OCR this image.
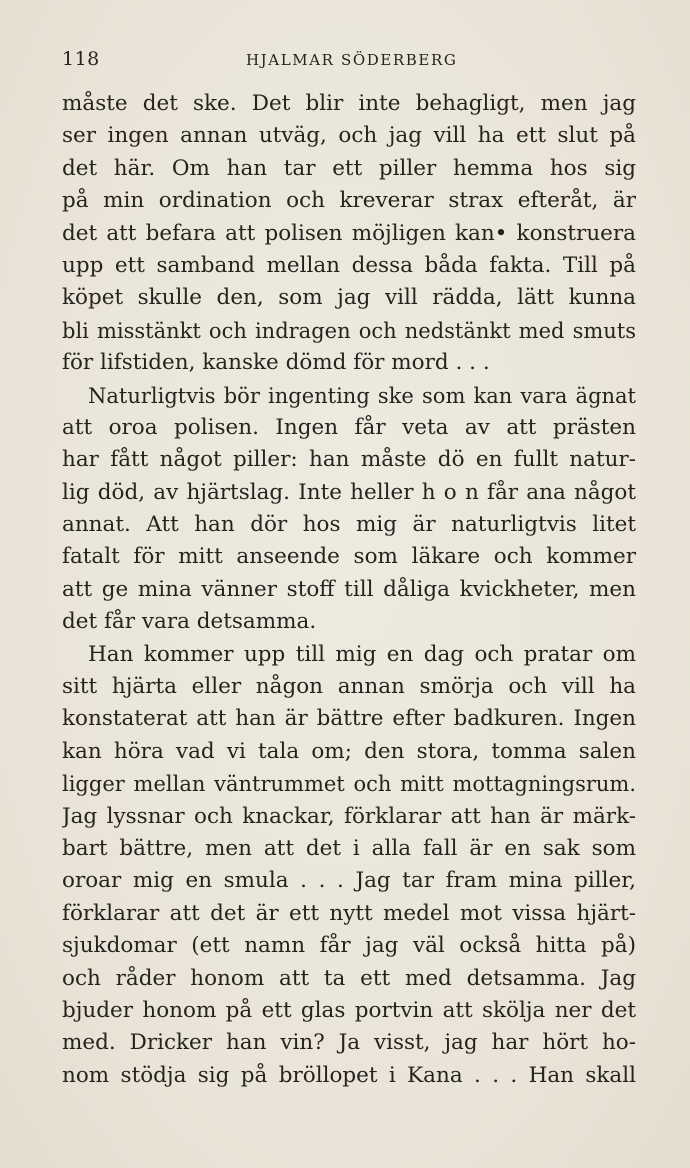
118	HJALMAR SÖDERBERG
måste det ske. Det blir inte behagligt, men jag
ser ingen annan utväg, och jag vill ha ett slut på
det här. Om han tar ett piller hemma hos sig
på min ordination och kreverar strax efteråt, är
det att befara att polisen möjligen kan• konstruera
upp ett samband mellan dessa båda fakta. Till på
köpet skulle den, som jag vill rädda, lätt kunna
bli misstänkt och indragen och nedstänkt med smuts
för lifstiden, kanske dömd för mord . . .
Naturligtvis bör ingenting ske som kan vara ägnat
att oroa polisen. Ingen får veta av att prästen
har fått något piller: han måste dö en fullt natur-
lig död, av hjärtslag. Inte heller h o n får ana något
annat. Att han dör hos mig är naturligtvis litet
fatalt för mitt anseende som läkare och kommer
att ge mina vänner stoff till dåliga kvickheter, men
det får vara detsamma.
Han kommer upp till mig en dag och pratar om
sitt hjärta eller någon annan smörja och vill ha
konstaterat att han är bättre efter badkuren. Ingen
kan höra vad vi tala om; den stora, tomma salen
ligger mellan väntrummet och mitt mottagningsrum.
Jag lyssnar och knackar, förklarar att han är märk-
bart bättre, men att det i alla fall är en sak som
oroar mig en smula . . . Jag tar fram mina piller,
förklarar att det är ett nytt medel mot vissa hjärt-
sjukdomar (ett namn får jag väl också hitta på)
och råder honom att ta ett med detsamma. Jag
bjuder honom på ett glas portvin att skölja ner det
med. Dricker han vin? Ja visst, jag har hört ho-
nom stödja sig på bröllopet i Kana . . . Han skall
